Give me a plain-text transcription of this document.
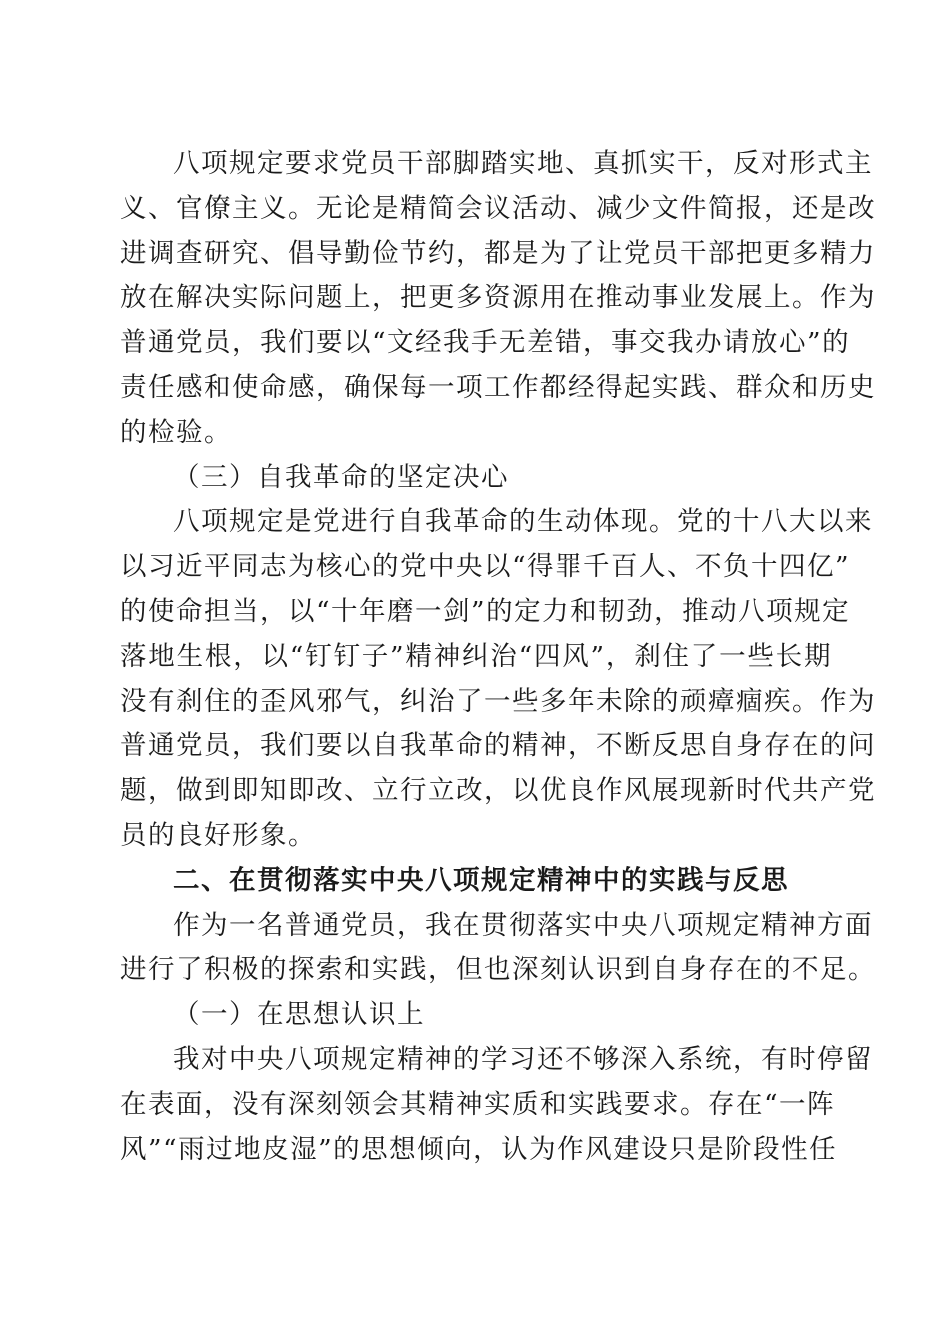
八项规定要求党员干部脚踏实地、真抓实干，反对形式主
义、官僚主义。无论是精简会议活动、减少文件简报，还是改
进调查研究、倡导勤俭节约，都是为了让党员干部把更多精力
放在解决实际问题上，把更多资源用在推动事业发展上。作为
普通党员，我们要以“文经我手无差错，事交我办请放心”的
责任感和使命感，确保每一项工作都经得起实践、群众和历史
的检验。
（三）自我革命的坚定决心
八项规定是党进行自我革命的生动体现。党的十八大以来
以习近平同志为核心的党中央以“得罪千百人、不负十四亿”
的使命担当，以“十年磨一剑”的定力和韧劲，推动八项规定
落地生根，以“钉钉子”精神纠治“四风”，刹住了一些长期
没有刹住的歪风邪气，纠治了一些多年未除的顽瘴痼疾。作为
普通党员，我们要以自我革命的精神，不断反思自身存在的问
题，做到即知即改、立行立改，以优良作风展现新时代共产党
员的良好形象。
二、在贯彻落实中央八项规定精神中的实践与反思
作为一名普通党员，我在贯彻落实中央八项规定精神方面
进行了积极的探索和实践，但也深刻认识到自身存在的不足。
（一）在思想认识上
我对中央八项规定精神的学习还不够深入系统，有时停留
在表面，没有深刻领会其精神实质和实践要求。存在“一阵
风”“雨过地皮湿”的思想倾向，认为作风建设只是阶段性任
